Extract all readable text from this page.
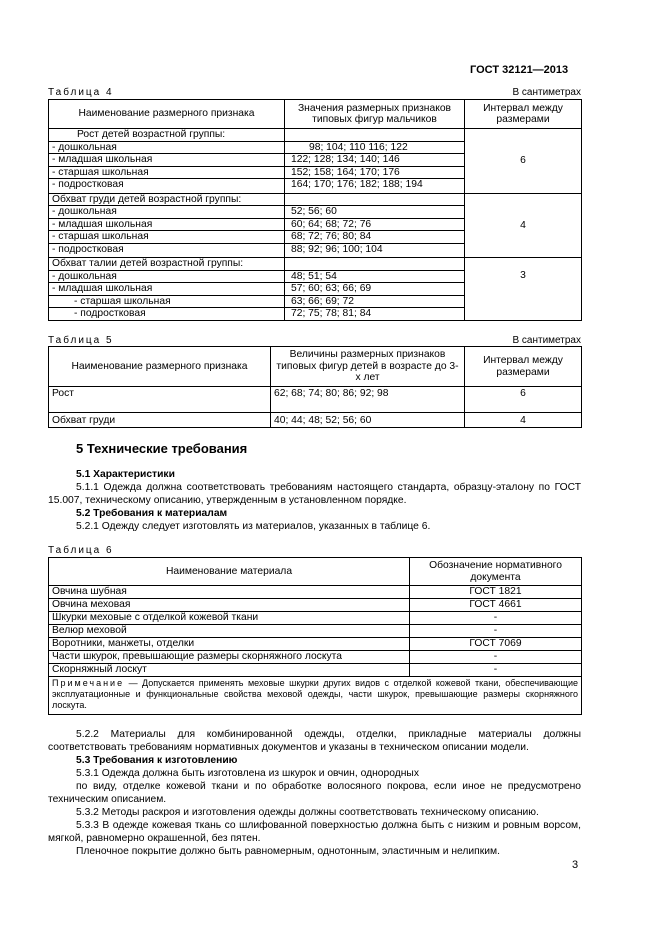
ГОСТ 32121—2013
Таблица 4	В сантиметрах
Наименование размерного признака	Значения размерных признаков типовых фигур мальчиков	Интервал между размерами
Рост детей возрастной группы:		6
- дошкольная	98; 104; 110 116; 122	
- младшая школьная	122; 128; 134; 140; 146	
- старшая школьная	152; 158; 164; 170; 176	
- подростковая	164; 170; 176; 182; 188; 194	
Обхват груди детей возрастной группы:		4
- дошкольная	52; 56; 60	
- младшая школьная	60; 64; 68; 72; 76	
- старшая школьная	68; 72; 76; 80; 84	
- подростковая	88; 92; 96; 100; 104	
Обхват талии детей возрастной группы:		3
- дошкольная	48; 51; 54	
- младшая школьная	57; 60; 63; 66; 69	
- старшая школьная	63; 66; 69; 72	
- подростковая	72; 75; 78; 81; 84	
Таблица 5	В сантиметрах
Наименование размерного признака	Величины размерных признаков типовых фигур детей в возрасте до 3-х лет	Интервал между размерами
Рост	62; 68; 74; 80; 86; 92; 98	6
Обхват груди	40; 44; 48; 52; 56; 60	4
5 Технические требования
5.1 Характеристики
5.1.1 Одежда должна соответствовать требованиям настоящего стандарта, образцу-эталону по ГОСТ 15.007, техническому описанию, утвержденным в установленном порядке.
5.2 Требования к материалам
5.2.1 Одежду следует изготовлять из материалов, указанных в таблице 6.
Таблица 6
Наименование материала	Обозначение нормативного документа
Овчина шубная	ГОСТ 1821
Овчина меховая	ГОСТ 4661
Шкурки меховые с отделкой кожевой ткани	-
Велюр меховой	-
Воротники, манжеты, отделки	ГОСТ 7069
Части шкурок, превышающие размеры скорняжного лоскута	-
Скорняжный лоскут	-
Примечание — Допускается применять меховые шкурки других видов с отделкой кожевой ткани, обеспечивающие эксплуатационные и функциональные свойства меховой одежды, части шкурок, превышающие размеры скорняжного лоскута.	
5.2.2 Материалы для комбинированной одежды, отделки, прикладные материалы должны соответствовать требованиям нормативных документов и указаны в техническом описании модели.
5.3 Требования к изготовлению
5.3.1 Одежда должна быть изготовлена из шкурок и овчин, однородных
по виду, отделке кожевой ткани и по обработке волосяного покрова, если иное не предусмотрено техническим описанием.
5.3.2 Методы раскроя и изготовления одежды должны соответствовать техническому описанию.
5.3.3 В одежде кожевая ткань со шлифованной поверхностью должна быть с низким и ровным ворсом, мягкой, равномерно окрашенной, без пятен.
Пленочное покрытие должно быть равномерным, однотонным, эластичным и нелипким.
3
